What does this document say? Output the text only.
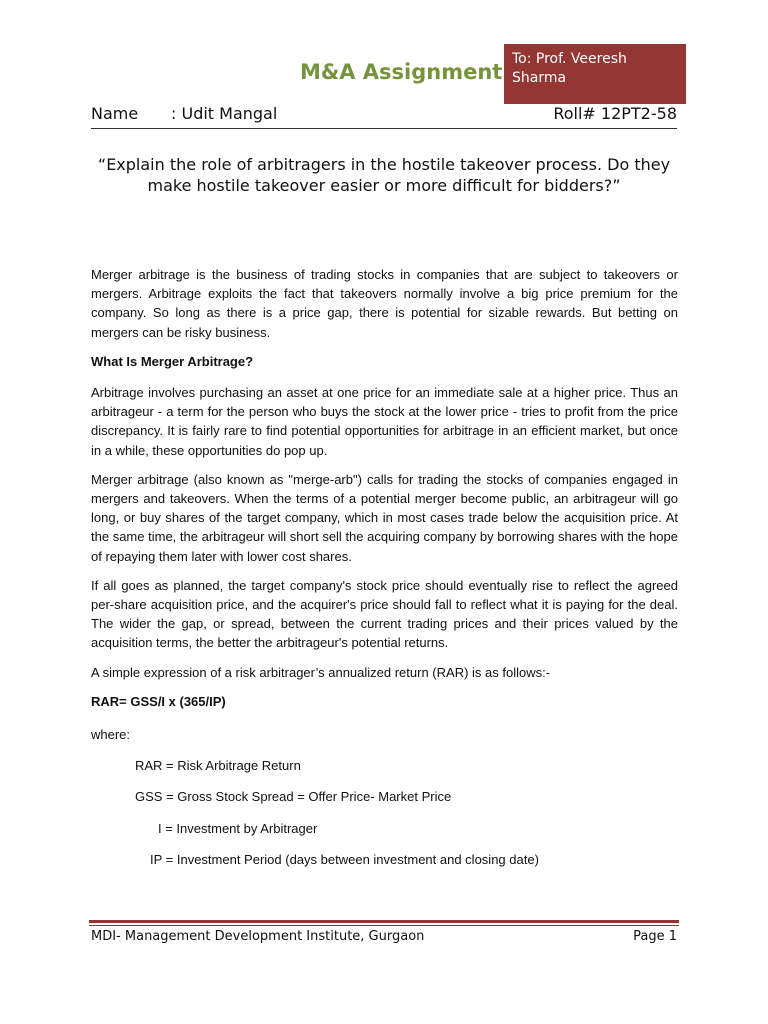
M&A Assignment
To: Prof. Veeresh Sharma
Name : Udit Mangal	Roll# 12PT2-58
“Explain the role of arbitragers in the hostile takeover process. Do they make hostile takeover easier or more difficult for bidders?”

Merger arbitrage is the business of trading stocks in companies that are subject to takeovers or mergers. Arbitrage exploits the fact that takeovers normally involve a big price premium for the company. So long as there is a price gap, there is potential for sizable rewards. But betting on mergers can be risky business.

What Is Merger Arbitrage?

Arbitrage involves purchasing an asset at one price for an immediate sale at a higher price. Thus an arbitrageur - a term for the person who buys the stock at the lower price - tries to profit from the price discrepancy. It is fairly rare to find potential opportunities for arbitrage in an efficient market, but once in a while, these opportunities do pop up.

Merger arbitrage (also known as "merge-arb") calls for trading the stocks of companies engaged in mergers and takeovers. When the terms of a potential merger become public, an arbitrageur will go long, or buy shares of the target company, which in most cases trade below the acquisition price. At the same time, the arbitrageur will short sell the acquiring company by borrowing shares with the hope of repaying them later with lower cost shares.

If all goes as planned, the target company's stock price should eventually rise to reflect the agreed per-share acquisition price, and the acquirer's price should fall to reflect what it is paying for the deal. The wider the gap, or spread, between the current trading prices and their prices valued by the acquisition terms, the better the arbitrageur's potential returns.

A simple expression of a risk arbitrager’s annualized return (RAR) is as follows:-

RAR= GSS/I x (365/IP)

where:

RAR = Risk Arbitrage Return

GSS = Gross Stock Spread = Offer Price- Market Price

I = Investment by Arbitrager

IP = Investment Period (days between investment and closing date)

MDI- Management Development Institute, Gurgaon	Page 1
